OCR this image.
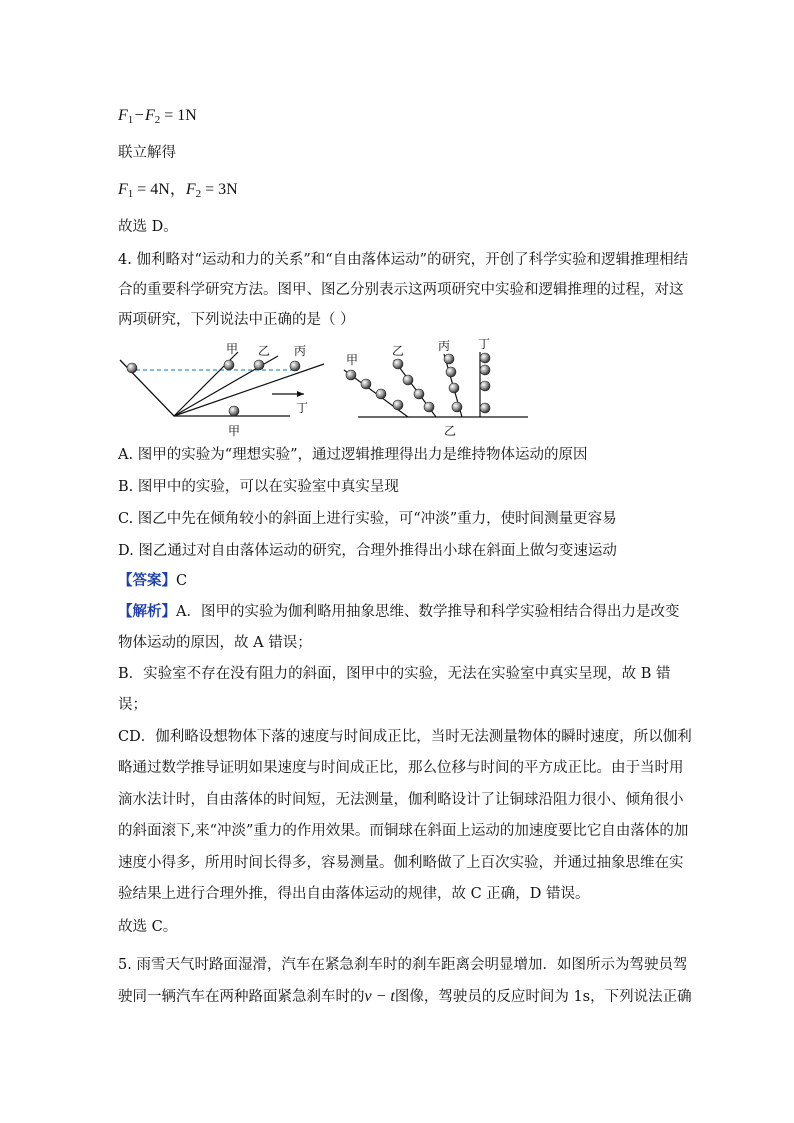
$F_1$ − $F_2 = 1N$
联立解得
$F_1 = 4N$，$F_2 = 3N$
故选 D。
4. 伽利略对“运动和力的关系”和“自由落体运动”的研究，开创了科学实验和逻辑推理相结
合的重要科学研究方法。图甲、图乙分别表示这两项研究中实验和逻辑推理的过程，对这
两项研究，下列说法中正确的是（ ）
甲 乙 丙
丁
甲
甲
乙	丙 丁
乙
A. 图甲的实验为“理想实验”，通过逻辑推理得出力是维持物体运动的原因
B. 图甲中的实验，可以在实验室中真实呈现
C. 图乙中先在倾角较小的斜面上进行实验，可“冲淡”重力，使时间测量更容易
D. 图乙通过对自由落体运动的研究，合理外推得出小球在斜面上做匀变速运动
【答案】C
【解析】A．图甲的实验为伽利略用抽象思维、数学推导和科学实验相结合得出力是改变
物体运动的原因，故 A 错误；
B．实验室不存在没有阻力的斜面，图甲中的实验，无法在实验室中真实呈现，故 B 错
误；
CD．伽利略设想物体下落的速度与时间成正比，当时无法测量物体的瞬时速度，所以伽利
略通过数学推导证明如果速度与时间成正比，那么位移与时间的平方成正比。由于当时用
滴水法计时，自由落体的时间短，无法测量，伽利略设计了让铜球沿阻力很小、倾角很小
的斜面滚下,来“冲淡”重力的作用效果。而铜球在斜面上运动的加速度要比它自由落体的加
速度小得多，所用时间长得多，容易测量。伽利略做了上百次实验，并通过抽象思维在实
验结果上进行合理外推，得出自由落体运动的规律，故 C 正确，D 错误。
故选 C。
5. 雨雪天气时路面湿滑，汽车在紧急刹车时的刹车距离会明显增加．如图所示为驾驶员驾
驶同一辆汽车在两种路面紧急刹车时的v − t图像，驾驶员的反应时间为 1s，下列说法正确
